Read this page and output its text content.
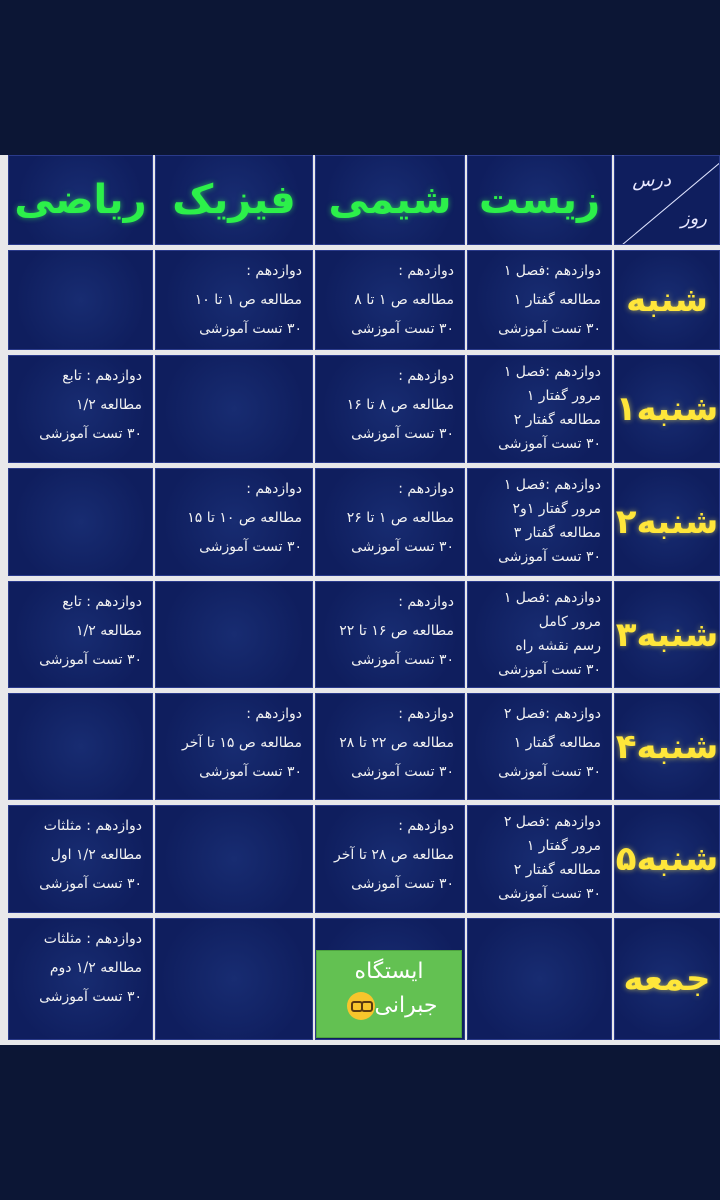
درس
روز
زیست
شیمی
فیزیک
ریاضی
شنبه
دوازدهم :فصل ۱
مطالعه گفتار ۱
۳۰ تست آموزشی
دوازدهم :
مطالعه ص ۱ تا ۸
۳۰ تست آموزشی
دوازدهم :
مطالعه ص ۱ تا ۱۰
۳۰ تست آموزشی
۱شنبه
دوازدهم :فصل ۱
مرور گفتار ۱
مطالعه گفتار ۲
۳۰ تست آموزشی
دوازدهم :
مطالعه ص ۸ تا ۱۶
۳۰ تست آموزشی
دوازدهم : تابع
مطالعه ۱/۲
۳۰ تست آموزشی
۲شنبه
دوازدهم :فصل ۱
مرور گفتار ۱و۲
مطالعه گفتار ۳
۳۰ تست آموزشی
دوازدهم :
مطالعه ص ۱ تا ۲۶
۳۰ تست آموزشی
دوازدهم :
مطالعه ص ۱۰ تا ۱۵
۳۰ تست آموزشی
۳شنبه
دوازدهم :فصل ۱
مرور کامل
رسم نقشه راه
۳۰ تست آموزشی
دوازدهم :
مطالعه ص ۱۶ تا ۲۲
۳۰ تست آموزشی
دوازدهم : تابع
مطالعه ۱/۲
۳۰ تست آموزشی
۴شنبه
دوازدهم :فصل ۲
مطالعه گفتار ۱
۳۰ تست آموزشی
دوازدهم :
مطالعه ص ۲۲ تا ۲۸
۳۰ تست آموزشی
دوازدهم :
مطالعه ص ۱۵ تا آخر
۳۰ تست آموزشی
۵شنبه
دوازدهم :فصل ۲
مرور گفتار ۱
مطالعه گفتار ۲
۳۰ تست آموزشی
دوازدهم :
مطالعه ص ۲۸ تا آخر
۳۰ تست آموزشی
دوازدهم : مثلثات
مطالعه ۱/۲ اول
۳۰ تست آموزشی
جمعه
دوازدهم : مثلثات
مطالعه ۱/۲ دوم
۳۰ تست آموزشی
ایستگاه
جبرانی
